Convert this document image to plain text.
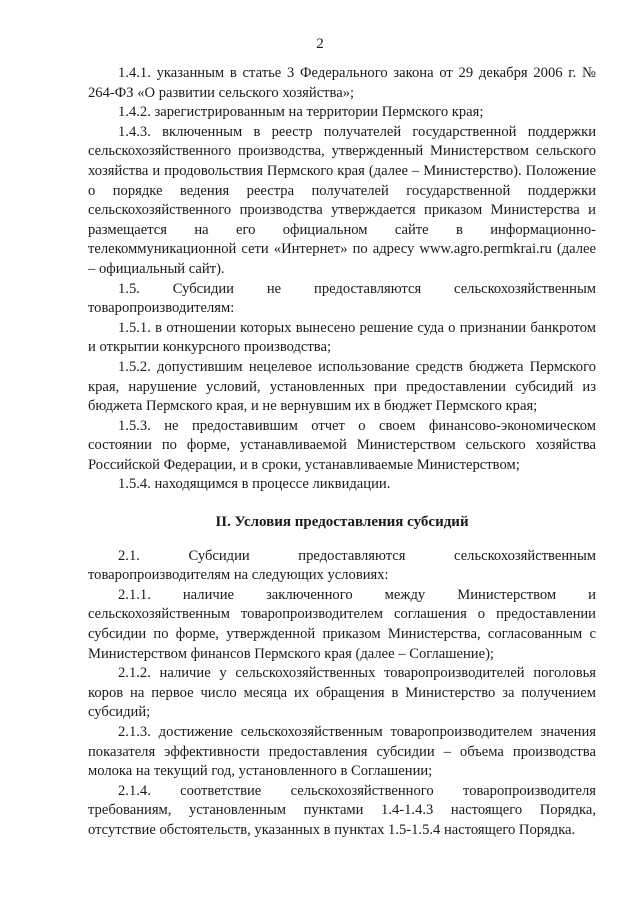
2

1.4.1. указанным в статье 3 Федерального закона от 29 декабря 2006 г. № 264-ФЗ «О развитии сельского хозяйства»;

1.4.2. зарегистрированным на территории Пермского края;

1.4.3. включенным в реестр получателей государственной поддержки сельскохозяйственного производства, утвержденный Министерством сельского хозяйства и продовольствия Пермского края (далее – Министерство). Положение о порядке ведения реестра получателей государственной поддержки сельскохозяйственного производства утверждается приказом Министерства и размещается на его официальном сайте в информационно-телекоммуникационной сети «Интернет» по адресу www.agro.permkrai.ru (далее – официальный сайт).

1.5. Субсидии не предоставляются сельскохозяйственным товаропроизводителям:

1.5.1. в отношении которых вынесено решение суда о признании банкротом и открытии конкурсного производства;

1.5.2. допустившим нецелевое использование средств бюджета Пермского края, нарушение условий, установленных при предоставлении субсидий из бюджета Пермского края, и не вернувшим их в бюджет Пермского края;

1.5.3. не предоставившим отчет о своем финансово-экономическом состоянии по форме, устанавливаемой Министерством сельского хозяйства Российской Федерации, и в сроки, устанавливаемые Министерством;

1.5.4. находящимся в процессе ликвидации.

II. Условия предоставления субсидий

2.1. Субсидии предоставляются сельскохозяйственным товаропроизводителям на следующих условиях:

2.1.1. наличие заключенного между Министерством и сельскохозяйственным товаропроизводителем соглашения о предоставлении субсидии по форме, утвержденной приказом Министерства, согласованным с Министерством финансов Пермского края (далее – Соглашение);

2.1.2. наличие у сельскохозяйственных товаропроизводителей поголовья коров на первое число месяца их обращения в Министерство за получением субсидий;

2.1.3. достижение сельскохозяйственным товаропроизводителем значения показателя эффективности предоставления субсидии – объема производства молока на текущий год, установленного в Соглашении;

2.1.4. соответствие сельскохозяйственного товаропроизводителя требованиям, установленным пунктами 1.4-1.4.3 настоящего Порядка, отсутствие обстоятельств, указанных в пунктах 1.5-1.5.4 настоящего Порядка.
